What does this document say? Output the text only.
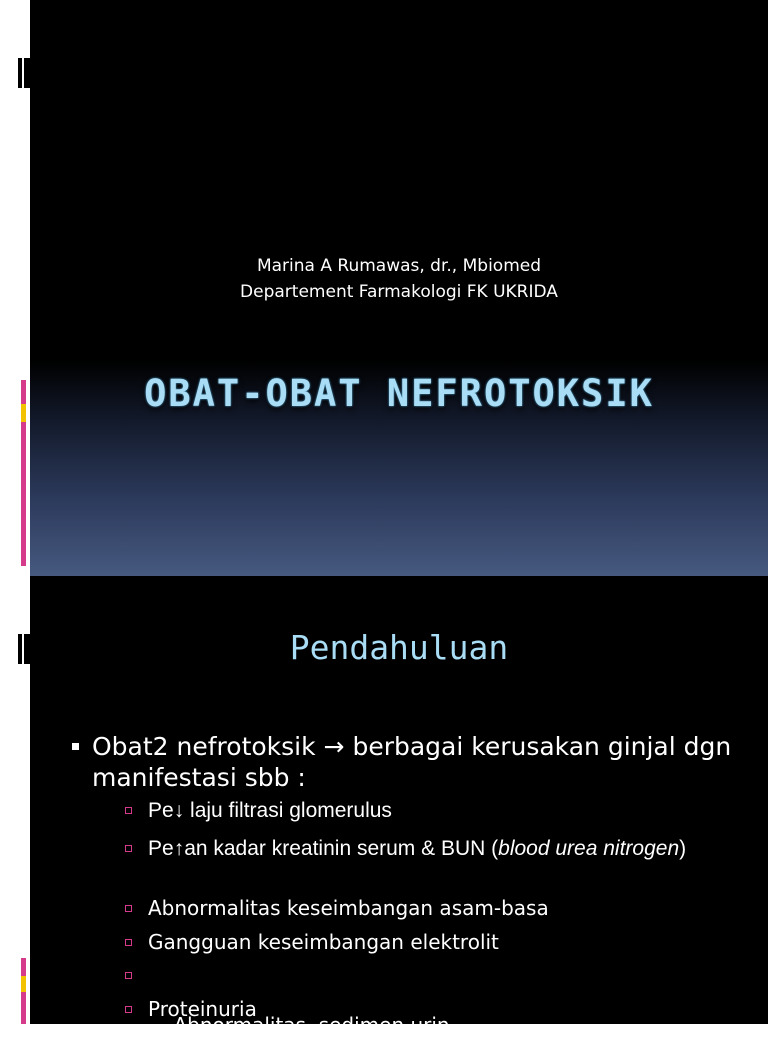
Marina A Rumawas, dr., Mbiomed
Departement Farmakologi FK UKRIDA
OBAT-OBAT NEFROTOKSIK
Pendahuluan
Obat2 nefrotoksik → berbagai kerusakan ginjal dgn manifestasi sbb :
Pe↓ laju filtrasi glomerulus
Pe↑an kadar kreatinin serum & BUN (blood urea nitrogen)
Abnormalitas keseimbangan asam-basa
Gangguan keseimbangan elektrolit

Abnormalitas  sedimen urin

Proteinuria
